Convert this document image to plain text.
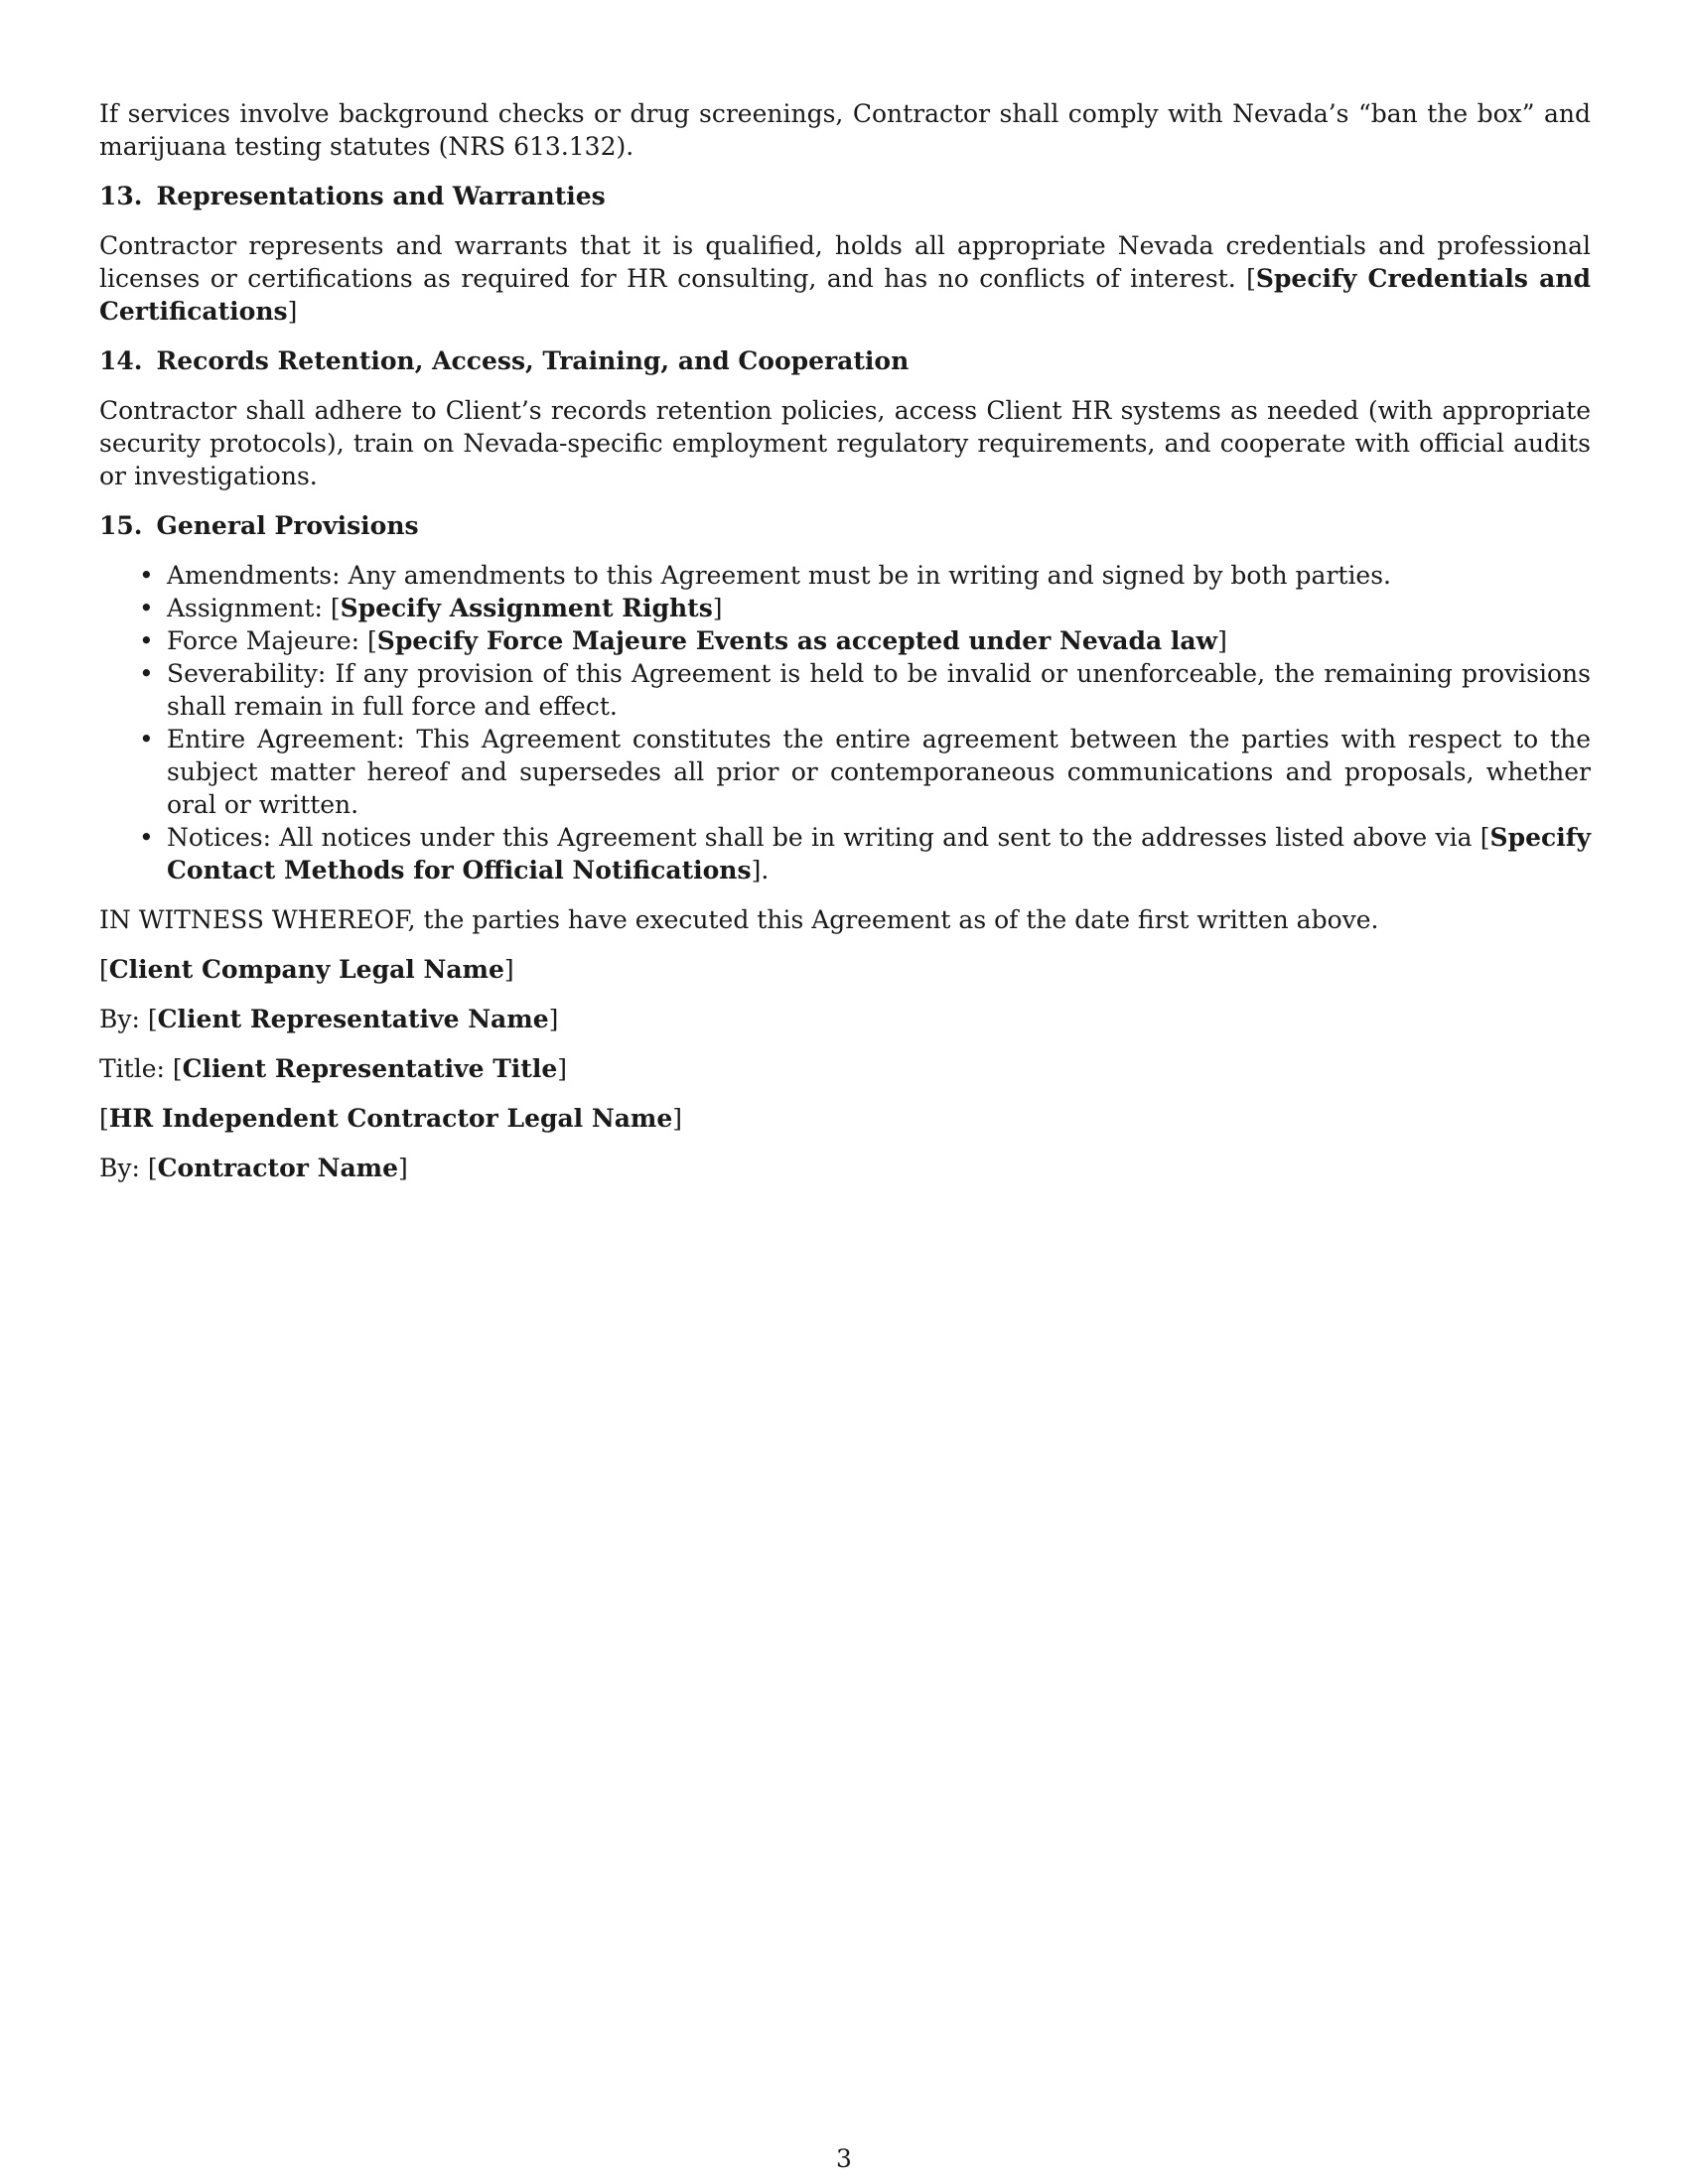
If services involve background checks or drug screenings, Contractor shall comply with Nevada’s “ban the box” and marijuana testing statutes (NRS 613.132).

13. Representations and Warranties

Contractor represents and warrants that it is qualified, holds all appropriate Nevada credentials and professional licenses or certifications as required for HR consulting, and has no conflicts of interest. [Specify Credentials and Certifications]

14. Records Retention, Access, Training, and Cooperation

Contractor shall adhere to Client’s records retention policies, access Client HR systems as needed (with appropriate security protocols), train on Nevada-specific employment regulatory requirements, and cooperate with official audits or investigations.

15. General Provisions
• Amendments: Any amendments to this Agreement must be in writing and signed by both parties.
• Assignment: [Specify Assignment Rights]
• Force Majeure: [Specify Force Majeure Events as accepted under Nevada law]
• Severability: If any provision of this Agreement is held to be invalid or unenforceable, the remaining provisions shall remain in full force and effect.
• Entire Agreement: This Agreement constitutes the entire agreement between the parties with respect to the subject matter hereof and supersedes all prior or contemporaneous communications and proposals, whether oral or written.
• Notices: All notices under this Agreement shall be in writing and sent to the addresses listed above via [Specify Contact Methods for Official Notifications].

IN WITNESS WHEREOF, the parties have executed this Agreement as of the date first written above.

[Client Company Legal Name]

By: [Client Representative Name]

Title: [Client Representative Title]

[HR Independent Contractor Legal Name]

By: [Contractor Name]

3
